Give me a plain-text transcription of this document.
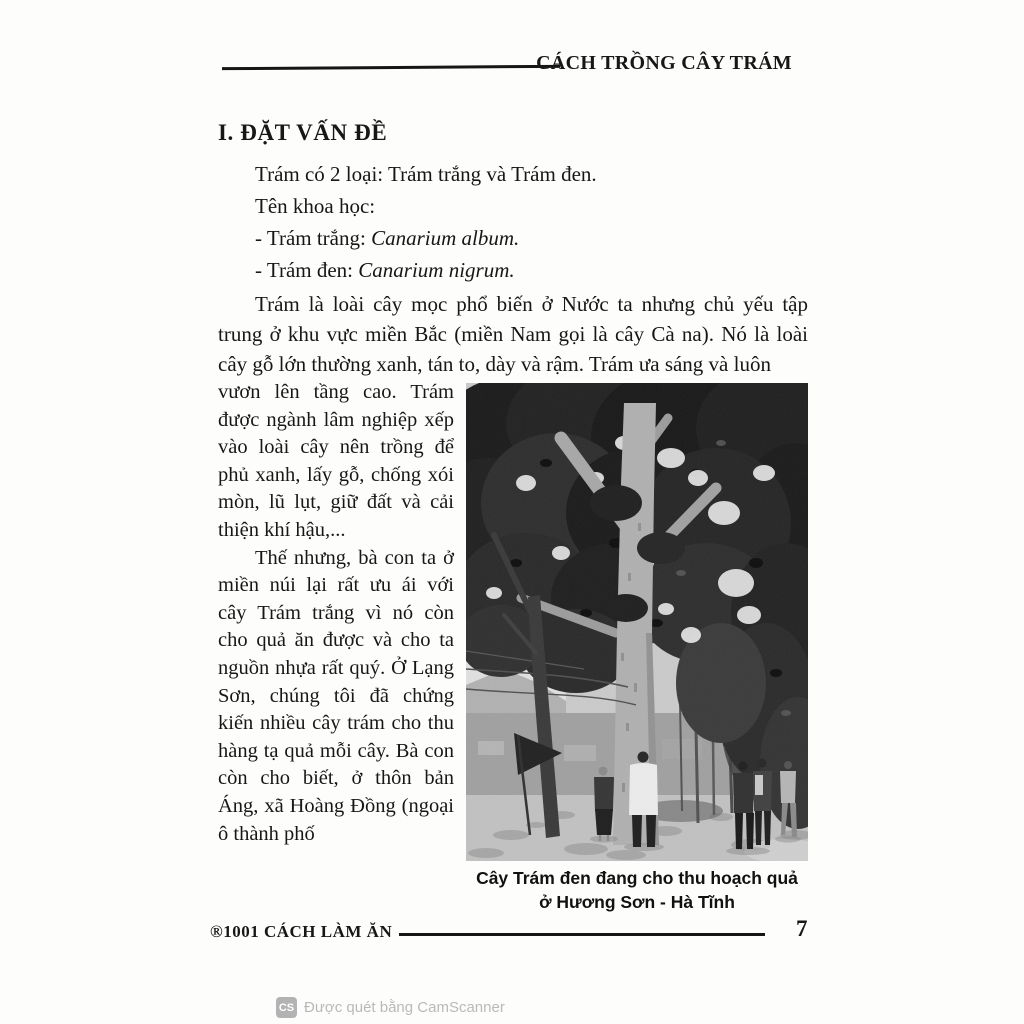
CÁCH TRỒNG CÂY TRÁM
I. ĐẶT VẤN ĐỀ
Trám có 2 loại: Trám trắng và Trám đen.
Tên khoa học:
- Trám trắng: Canarium album.
- Trám đen: Canarium nigrum.

Trám là loài cây mọc phổ biến ở Nước ta nhưng chủ yếu tập trung ở khu vực miền Bắc (miền Nam gọi là cây Cà na). Nó là loài cây gỗ lớn thường xanh, tán to, dày và rậm. Trám ưa sáng và luôn

Cây Trám đen đang cho thu hoạch quả
ở Hương Sơn - Hà Tĩnh

vươn lên tầng cao. Trám được ngành lâm nghiệp xếp vào loài cây nên trồng để phủ xanh, lấy gỗ, chống xói mòn, lũ lụt, giữ đất và cải thiện khí hậu,...

Thế nhưng, bà con ta ở miền núi lại rất ưu ái với cây Trám trắng vì nó còn cho quả ăn được và cho ta nguồn nhựa rất quý. Ở Lạng Sơn, chúng tôi đã chứng kiến nhiều cây trám cho thu hàng tạ quả mỗi cây. Bà con còn cho biết, ở thôn bản Áng, xã Hoàng Đồng (ngoại ô thành phố

®1001 CÁCH LÀM ĂN	7
CS Được quét bằng CamScanner
